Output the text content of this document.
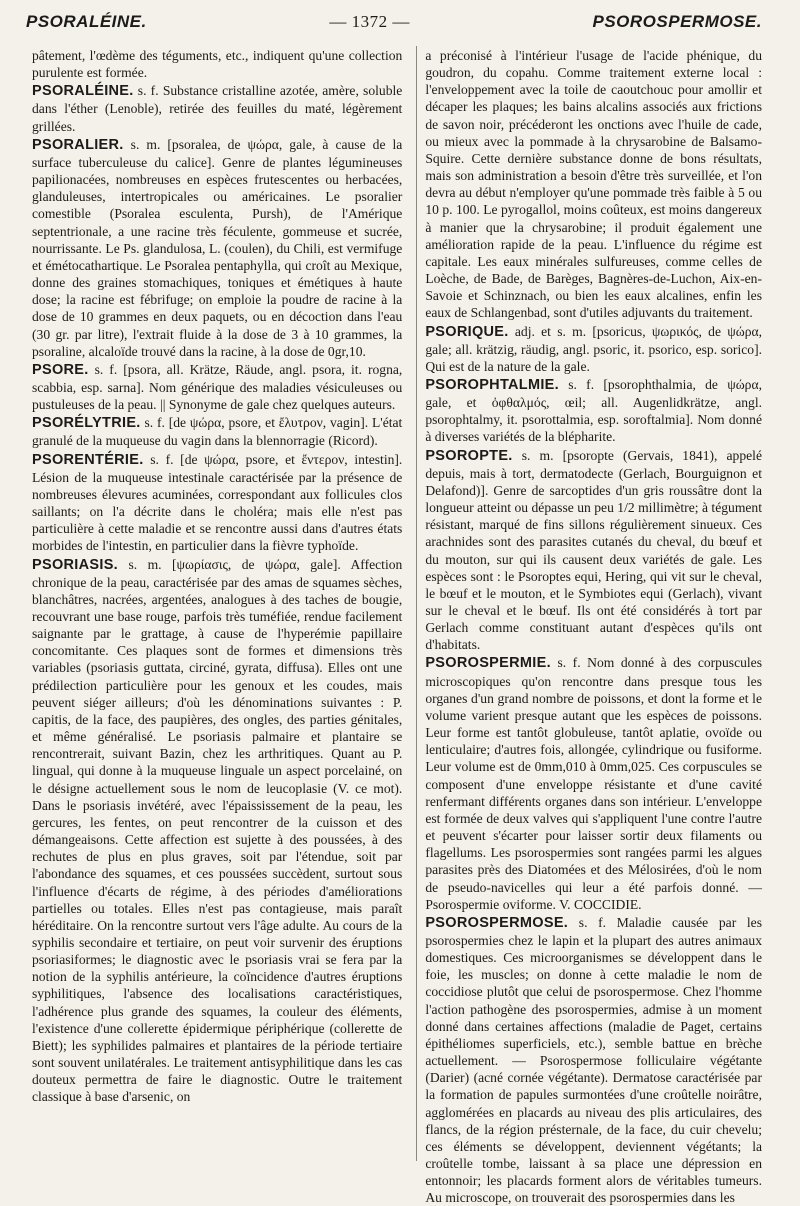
PSORALÉINE.	— 1372 —	PSOROSPERMOSE.

pâtement, l'œdème des téguments, etc., indiquent qu'une collection purulente est formée.

PSORALÉINE. s. f. Substance cristalline azotée, amère, soluble dans l'éther (Lenoble), retirée des feuilles du maté, légèrement grillées.

PSORALIER. s. m. [psoralea, de ψώρα, gale, à cause de la surface tuberculeuse du calice]. Genre de plantes légumineuses papilionacées, nombreuses en espèces frutescentes ou herbacées, glanduleuses, intertropicales ou américaines. Le psoralier comestible (Psoralea esculenta, Pursh), de l'Amérique septentrionale, a une racine très féculente, gommeuse et sucrée, nourrissante. Le Ps. glandulosa, L. (coulen), du Chili, est vermifuge et émétocathartique. Le Psoralea pentaphylla, qui croît au Mexique, donne des graines stomachiques, toniques et émétiques à haute dose; la racine est fébrifuge; on emploie la poudre de racine à la dose de 10 grammes en deux paquets, ou en décoction dans l'eau (30 gr. par litre), l'extrait fluide à la dose de 3 à 10 grammes, la psoraline, alcaloïde trouvé dans la racine, à la dose de 0gr,10.

PSORE. s. f. [psora, all. Krätze, Räude, angl. psora, it. rogna, scabbia, esp. sarna]. Nom générique des maladies vésiculeuses ou pustuleuses de la peau. || Synonyme de gale chez quelques auteurs.

PSORÉLYTRIE. s. f. [de ψώρα, psore, et ἔλυτρον, vagin]. L'état granulé de la muqueuse du vagin dans la blennorragie (Ricord).

PSORENTÉRIE. s. f. [de ψώρα, psore, et ἔντερον, intestin]. Lésion de la muqueuse intestinale caractérisée par la présence de nombreuses élevures acuminées, correspondant aux follicules clos saillants; on l'a décrite dans le choléra; mais elle n'est pas particulière à cette maladie et se rencontre aussi dans d'autres états morbides de l'intestin, en particulier dans la fièvre typhoïde.

PSORIASIS. s. m. [ψωρίασις, de ψώρα, gale]. Affection chronique de la peau, caractérisée par des amas de squames sèches, blanchâtres, nacrées, argentées, analogues à des taches de bougie, recouvrant une base rouge, parfois très tuméfiée, rendue facilement saignante par le grattage, à cause de l'hyperémie papillaire concomitante. Ces plaques sont de formes et dimensions très variables (psoriasis guttata, circiné, gyrata, diffusa). Elles ont une prédilection particulière pour les genoux et les coudes, mais peuvent siéger ailleurs; d'où les dénominations suivantes : P. capitis, de la face, des paupières, des ongles, des parties génitales, et même généralisé. Le psoriasis palmaire et plantaire se rencontrerait, suivant Bazin, chez les arthritiques. Quant au P. lingual, qui donne à la muqueuse linguale un aspect porcelainé, on le désigne actuellement sous le nom de leucoplasie (V. ce mot). Dans le psoriasis invétéré, avec l'épaississement de la peau, les gercures, les fentes, on peut rencontrer de la cuisson et des démangeaisons. Cette affection est sujette à des poussées, à des rechutes de plus en plus graves, soit par l'étendue, soit par l'abondance des squames, et ces poussées succèdent, surtout sous l'influence d'écarts de régime, à des périodes d'améliorations partielles ou totales. Elles n'est pas contagieuse, mais paraît héréditaire. On la rencontre surtout vers l'âge adulte. Au cours de la syphilis secondaire et tertiaire, on peut voir survenir des éruptions psoriasiformes; le diagnostic avec le psoriasis vrai se fera par la notion de la syphilis antérieure, la coïncidence d'autres éruptions syphilitiques, l'absence des localisations caractéristiques, l'adhérence plus grande des squames, la couleur des éléments, l'existence d'une collerette épidermique périphérique (collerette de Biett); les syphilides palmaires et plantaires de la période tertiaire sont souvent unilatérales. Le traitement antisyphilitique dans les cas douteux permettra de faire le diagnostic. Outre le traitement classique à base d'arsenic, on

a préconisé à l'intérieur l'usage de l'acide phénique, du goudron, du copahu. Comme traitement externe local : l'enveloppement avec la toile de caoutchouc pour amollir et décaper les plaques; les bains alcalins associés aux frictions de savon noir, précéderont les onctions avec l'huile de cade, ou mieux avec la pommade à la chrysarobine de Balsamo-Squire. Cette dernière substance donne de bons résultats, mais son administration a besoin d'être très surveillée, et l'on devra au début n'employer qu'une pommade très faible à 5 ou 10 p. 100. Le pyrogallol, moins coûteux, est moins dangereux à manier que la chrysarobine; il produit également une amélioration rapide de la peau. L'influence du régime est capitale. Les eaux minérales sulfureuses, comme celles de Loèche, de Bade, de Barèges, Bagnères-de-Luchon, Aix-en-Savoie et Schinznach, ou bien les eaux alcalines, enfin les eaux de Schlangenbad, sont d'utiles adjuvants du traitement.

PSORIQUE. adj. et s. m. [psoricus, ψωρικός, de ψώρα, gale; all. krätzig, räudig, angl. psoric, it. psorico, esp. sorico]. Qui est de la nature de la gale.

PSOROPHTALMIE. s. f. [psorophthalmia, de ψώρα, gale, et ὀφθαλμός, œil; all. Augenlidkrätze, angl. psorophtalmy, it. psorottalmia, esp. soroftalmia]. Nom donné à diverses variétés de la blépharite.

PSOROPTE. s. m. [psoropte (Gervais, 1841), appelé depuis, mais à tort, dermatodecte (Gerlach, Bourguignon et Delafond)]. Genre de sarcoptides d'un gris roussâtre dont la longueur atteint ou dépasse un peu 1/2 millimètre; à tégument résistant, marqué de fins sillons régulièrement sinueux. Ces arachnides sont des parasites cutanés du cheval, du bœuf et du mouton, sur qui ils causent deux variétés de gale. Les espèces sont : le Psoroptes equi, Hering, qui vit sur le cheval, le bœuf et le mouton, et le Symbiotes equi (Gerlach), vivant sur le cheval et le bœuf. Ils ont été considérés à tort par Gerlach comme constituant autant d'espèces qu'ils ont d'habitats.

PSOROSPERMIE. s. f. Nom donné à des corpuscules microscopiques qu'on rencontre dans presque tous les organes d'un grand nombre de poissons, et dont la forme et le volume varient presque autant que les espèces de poissons. Leur forme est tantôt globuleuse, tantôt aplatie, ovoïde ou lenticulaire; d'autres fois, allongée, cylindrique ou fusiforme. Leur volume est de 0mm,010 à 0mm,025. Ces corpuscules se composent d'une enveloppe résistante et d'une cavité renfermant différents organes dans son intérieur. L'enveloppe est formée de deux valves qui s'appliquent l'une contre l'autre et peuvent s'écarter pour laisser sortir deux filaments ou flagellums. Les psorospermies sont rangées parmi les algues parasites près des Diatomées et des Mélosirées, d'où le nom de pseudo-navicelles qui leur a été parfois donné. — Psorospermie oviforme. V. COCCIDIE.

PSOROSPERMOSE. s. f. Maladie causée par les psorospermies chez le lapin et la plupart des autres animaux domestiques. Ces microorganismes se développent dans le foie, les muscles; on donne à cette maladie le nom de coccidiose plutôt que celui de psorospermose. Chez l'homme l'action pathogène des psorospermies, admise à un moment donné dans certaines affections (maladie de Paget, certains épithéliomes superficiels, etc.), semble battue en brèche actuellement. — Psorospermose folliculaire végétante (Darier) (acné cornée végétante). Dermatose caractérisée par la formation de papules surmontées d'une croûtelle noirâtre, agglomérées en placards au niveau des plis articulaires, des flancs, de la région présternale, de la face, du cuir chevelu; ces éléments se développent, deviennent végétants; la croûtelle tombe, laissant à sa place une dépression en entonnoir; les placards forment alors de véritables tumeurs. Au microscope, on trouverait des psorospermies dans les
